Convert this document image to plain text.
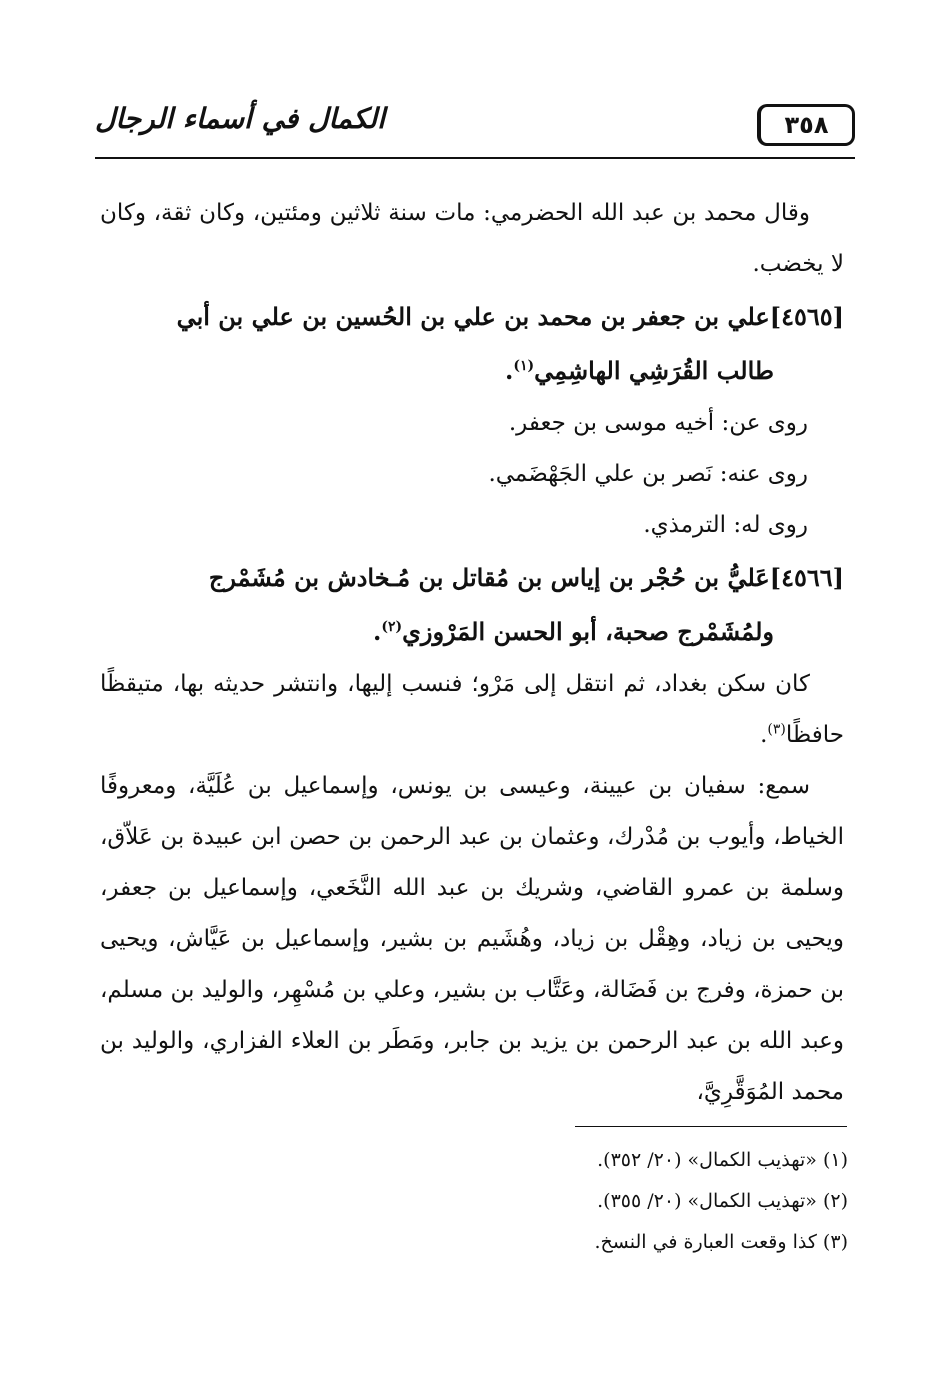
٣٥٨
الكمال في أسماء الرجال

وقال محمد بن عبد الله الحضرمي: مات سنة ثلاثين ومئتين، وكان ثقة، وكان لا يخضب.

[٤٥٦٥]علي بن جعفر بن محمد بن علي بن الحُسين بن علي بن أبي
طالب القُرَشِي الهاشِمِي$^{(١)}$.

روى عن: أخيه موسى بن جعفر.

روى عنه: نَصر بن علي الجَهْضَمي.

روى له: الترمذي.

[٤٥٦٦]عَليُّ بن حُجْر بن إياس بن مُقاتل بن مُـخادش بن مُشَمْرج
ولمُشَمْرج صحبة، أبو الحسن المَرْوزي$^{(٢)}$.

كان سكن بغداد، ثم انتقل إلى مَرْو؛ فنسب إليها، وانتشر حديثه بها، متيقظًا حافظًا$^{(٣)}$.

سمع: سفيان بن عيينة، وعيسى بن يونس، وإسماعيل بن عُلَيَّة، ومعروفًا الخياط، وأيوب بن مُدْرك، وعثمان بن عبد الرحمن بن حصن ابن عبيدة بن عَلاّق، وسلمة بن عمرو القاضي، وشريك بن عبد الله النَّخَعي، وإسماعيل بن جعفر، ويحيى بن زياد، وهِقْل بن زياد، وهُشَيم بن بشير، وإسماعيل بن عَيَّاش، ويحيى بن حمزة، وفرج بن فَضَالة، وعَتَّاب بن بشير، وعلي بن مُسْهِر، والوليد بن مسلم، وعبد الله بن عبد الرحمن بن يزيد بن جابر، ومَطَر بن العلاء الفزاري، والوليد بن محمد المُوَقَّرِيَّ،

(١) «تهذيب الكمال» (٢٠/ ٣٥٢).

(٢) «تهذيب الكمال» (٢٠/ ٣٥٥).

(٣) كذا وقعت العبارة في النسخ.
